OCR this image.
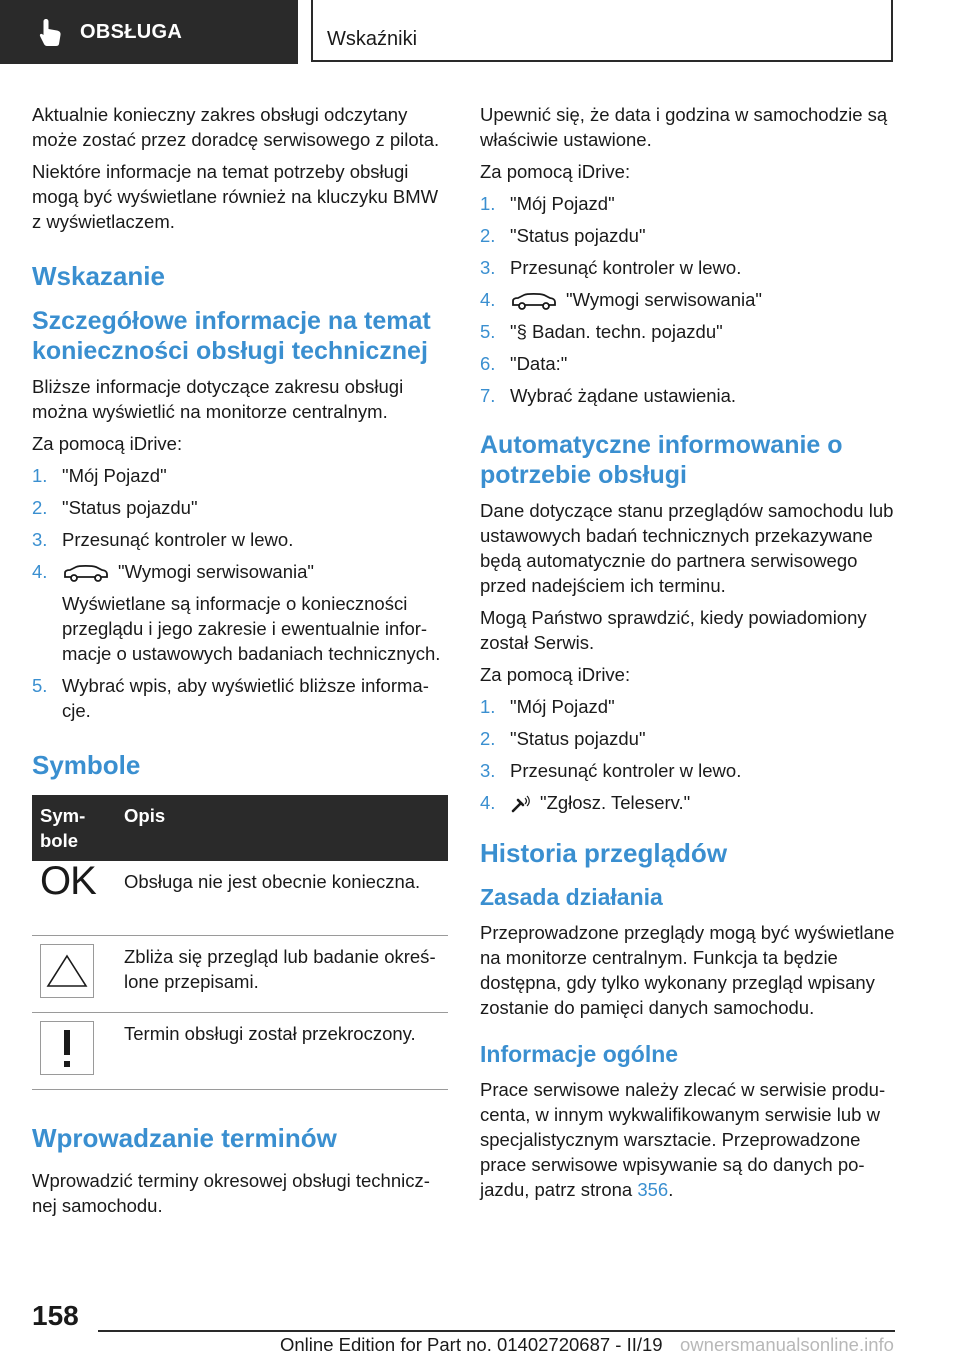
OBSŁUGA	Wskaźniki

Aktualnie konieczny zakres obsługi odczytany może zostać przez doradcę serwisowego z pilota.

Niektóre informacje na temat potrzeby obsługi mogą być wyświetlane również na kluczyku BMW z wyświetlaczem.

Wskazanie
Szczegółowe informacje na temat konieczności obsługi technicznej

Bliższe informacje dotyczące zakresu obsługi można wyświetlić na monitorze centralnym.

Za pomocą iDrive:

1. "Mój Pojazd"
2. "Status pojazdu"
3. Przesunąć kontroler w lewo.
4.	"Wymogi serwisowania"
Wyświetlane są informacje o konieczności przeglądu i jego zakresie i ewentualnie informacje o ustawowych badaniach technicznych.
5. Wybrać wpis, aby wyświetlić bliższe informacje.
Symbole
Symbole	Opis
OK	Obsługa nie jest obecnie konieczna.

	Zbliża się przegląd lub badanie określone przepisami.

	Termin obsługi został przekroczony.
Wprowadzanie terminów

Wprowadzić terminy okresowej obsługi technicznej samochodu.

Upewnić się, że data i godzina w samochodzie są właściwie ustawione.

Za pomocą iDrive:

1. "Mój Pojazd"
2. "Status pojazdu"
3. Przesunąć kontroler w lewo.
4.	"Wymogi serwisowania"
5. "§ Badan. techn. pojazdu"
6. "Data:"
7. Wybrać żądane ustawienia.
Automatyczne informowanie o potrzebie obsługi

Dane dotyczące stanu przeglądów samochodu lub ustawowych badań technicznych przekazywane będą automatycznie do partnera serwisowego przed nadejściem ich terminu.

Mogą Państwo sprawdzić, kiedy powiadomiony został Serwis.

Za pomocą iDrive:

1. "Mój Pojazd"
2. "Status pojazdu"
3. Przesunąć kontroler w lewo.
4. "Zgłosz. Teleserv."
Historia przeglądów
Zasada działania

Przeprowadzone przeglądy mogą być wyświetlane na monitorze centralnym. Funkcja ta będzie dostępna, gdy tylko wykonany przegląd wpisany zostanie do pamięci danych samochodu.

Informacje ogólne

Prace serwisowe należy zlecać w serwisie producenta, w innym wykwalifikowanym serwisie lub w specjalistycznym warsztacie. Przeprowadzone prace serwisowe wpisywanie są do danych pojazdu, patrz strona 356.

158
Online Edition for Part no. 01402720687 - II/19 ownersmanualsonline.info
